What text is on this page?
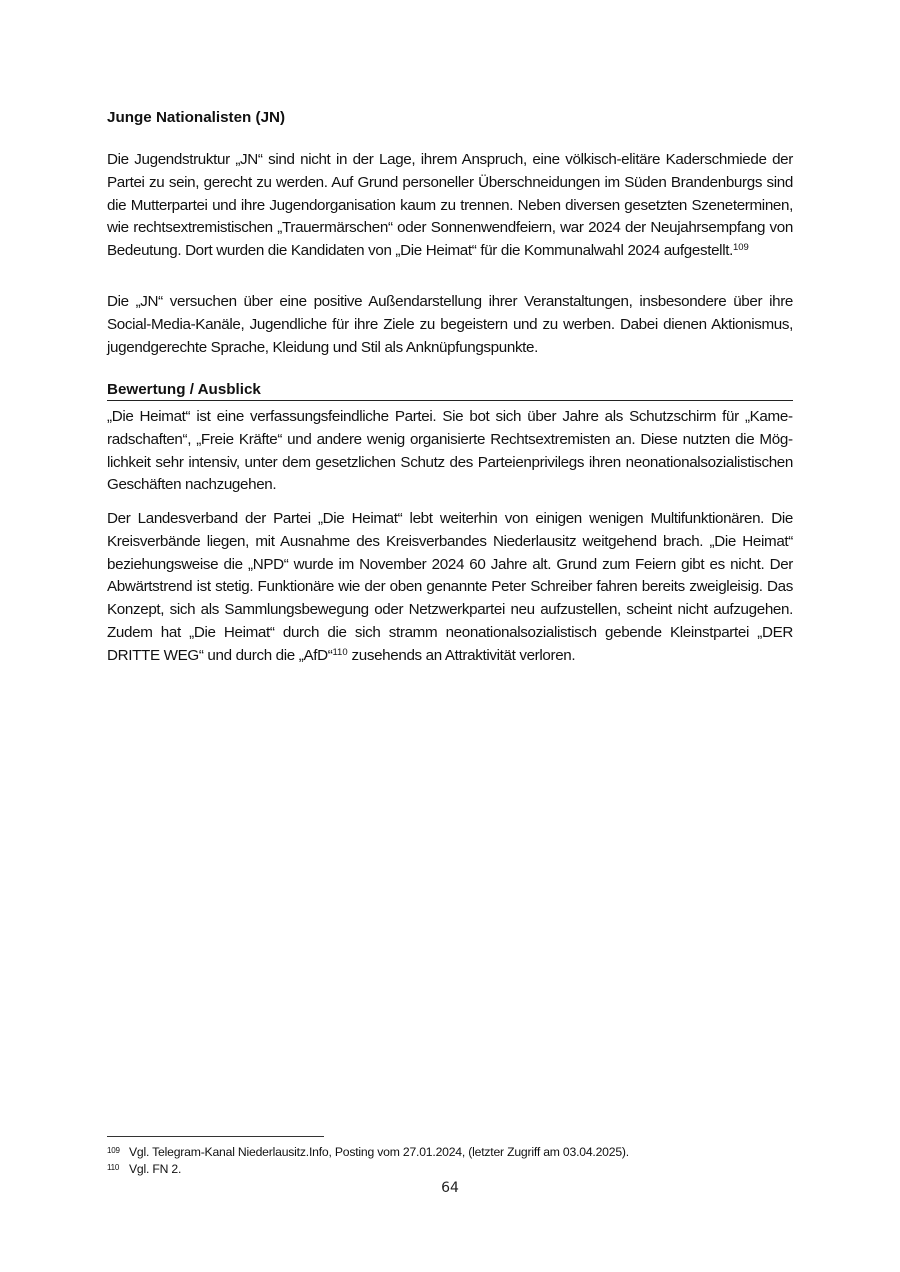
Junge Nationalisten (JN)

Die Jugendstruktur „JN“ sind nicht in der Lage, ihrem Anspruch, eine völkisch-elitäre Kaderschmiede der Partei zu sein, gerecht zu werden. Auf Grund personeller Überschneidungen im Süden Brandenburgs sind die Mutterpartei und ihre Jugendorganisation kaum zu trennen. Neben diversen gesetzten Szeneterminen, wie rechtsextremistischen „Trauermärschen“ oder Sonnenwendfeiern, war 2024 der Neujahrsempfang von Bedeutung. Dort wurden die Kandidaten von „Die Heimat“ für die Kommunalwahl 2024 aufgestellt.$^{109}$

Die „JN“ versuchen über eine positive Außendarstellung ihrer Veranstaltungen, insbesondere über ihre Social-Media-Kanäle, Jugendliche für ihre Ziele zu begeistern und zu werben. Dabei dienen Aktionismus, jugendgerechte Sprache, Kleidung und Stil als Anknüpfungspunkte.

Bewertung / Ausblick

„Die Heimat“ ist eine verfassungsfeindliche Partei. Sie bot sich über Jahre als Schutzschirm für „Kameradschaften“, „Freie Kräfte“ und andere wenig organisierte Rechtsextremisten an. Diese nutzten die Möglichkeit sehr intensiv, unter dem gesetzlichen Schutz des Parteienprivilegs ihren neonationalsozialistischen Geschäften nachzugehen.

Der Landesverband der Partei „Die Heimat“ lebt weiterhin von einigen wenigen Multifunktionären. Die Kreisverbände liegen, mit Ausnahme des Kreisverbandes Niederlausitz weitgehend brach. „Die Heimat“ beziehungsweise die „NPD“ wurde im November 2024 60 Jahre alt. Grund zum Feiern gibt es nicht. Der Abwärtstrend ist stetig. Funktionäre wie der oben genannte Peter Schreiber fahren bereits zweigleisig. Das Konzept, sich als Sammlungsbewegung oder Netzwerkpartei neu aufzustellen, scheint nicht aufzugehen. Zudem hat „Die Heimat“ durch die sich stramm neonationalsozialistisch gebende Kleinstpartei „DER DRITTE WEG“ und durch die „AfD“$^{110}$ zusehends an Attraktivität verloren.

109 Vgl. Telegram-Kanal Niederlausitz.Info, Posting vom 27.01.2024, (letzter Zugriff am 03.04.2025).

110 Vgl. FN 2.

64
